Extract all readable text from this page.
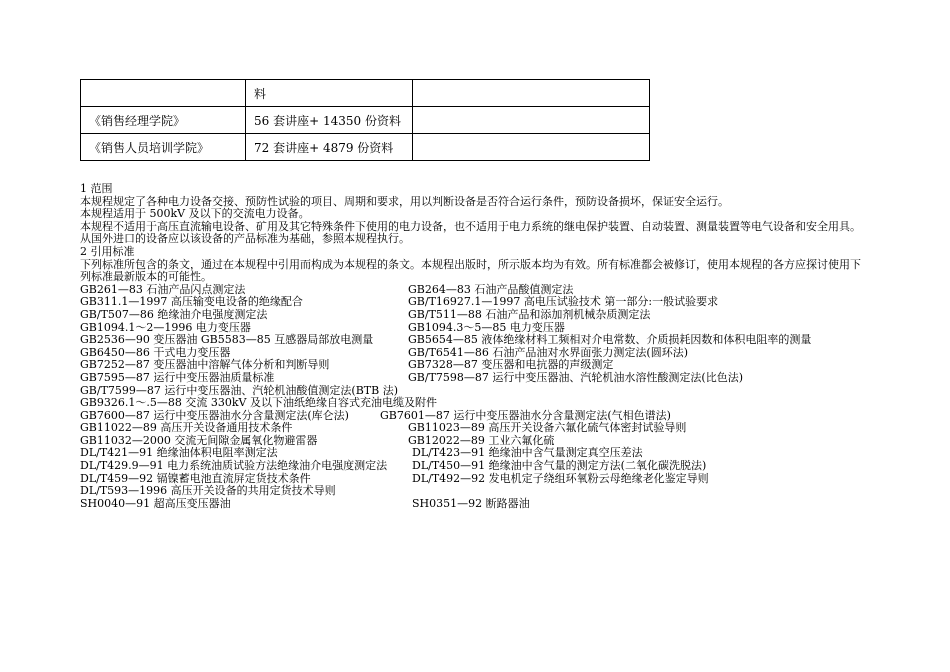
	料	
《销售经理学院》	56 套讲座+ 14350 份资料	
《销售人员培训学院》	72 套讲座+ 4879 份资料	
1 范围
本规程规定了各种电力设备交接、预防性试验的项目、周期和要求，用以判断设备是否符合运行条件，预防设备损坏，保证安全运行。
本规程适用于 500kV 及以下的交流电力设备。
本规程不适用于高压直流输电设备、矿用及其它特殊条件下使用的电力设备，也不适用于电力系统的继电保护装置、自动装置、测量装置等电气设备和安全用具。
从国外进口的设备应以该设备的产品标准为基础，参照本规程执行。
2 引用标准
下列标准所包含的条文，通过在本规程中引用而构成为本规程的条文。本规程出版时，所示版本均为有效。所有标准都会被修订，使用本规程的各方应探讨使用下列标准最新版本的可能性。
GB261—83 石油产品闪点测定法	GB264—83 石油产品酸值测定法
GB311.1—1997 高压输变电设备的绝缘配合	GB/T16927.1—1997 高电压试验技术 第一部分:一般试验要求
GB/T507—86 绝缘油介电强度测定法	GB/T511—88 石油产品和添加剂机械杂质测定法
GB1094.1～2—1996 电力变压器	GB1094.3～5—85 电力变压器
GB2536—90 变压器油 GB5583—85 互感器局部放电测量	GB5654—85 液体绝缘材料工频相对介电常数、介质损耗因数和体积电阻率的测量
GB6450—86 干式电力变压器	GB/T6541—86 石油产品油对水界面张力测定法(圆环法)
GB7252—87 变压器油中溶解气体分析和判断导则	GB7328—87 变压器和电抗器的声级测定
GB7595—87 运行中变压器油质量标准	GB/T7598—87 运行中变压器油、汽轮机油水溶性酸测定法(比色法)
GB/T7599—87 运行中变压器油、汽轮机油酸值测定法(BTB 法)
GB9326.1～.5—88 交流 330kV 及以下油纸绝缘自容式充油电缆及附件
GB7600—87 运行中变压器油水分含量测定法(库仑法)	GB7601—87 运行中变压器油水分含量测定法(气相色谱法)
GB11022—89 高压开关设备通用技术条件	GB11023—89 高压开关设备六氟化硫气体密封试验导则
GB11032—2000 交流无间隙金属氧化物避雷器	GB12022—89 工业六氟化硫
DL/T421—91 绝缘油体积电阻率测定法	DL/T423—91 绝缘油中含气量测定真空压差法
DL/T429.9—91 电力系统油质试验方法绝缘油介电强度测定法 DL/T450—91 绝缘油中含气量的测定方法(二氧化碳洗脱法)
DL/T459—92 镉镍蓄电池直流屏定货技术条件	DL/T492—92 发电机定子绕组环氧粉云母绝缘老化鉴定导则
DL/T593—1996 高压开关设备的共用定货技术导则
SH0040—91 超高压变压器油	SH0351—92 断路器油
